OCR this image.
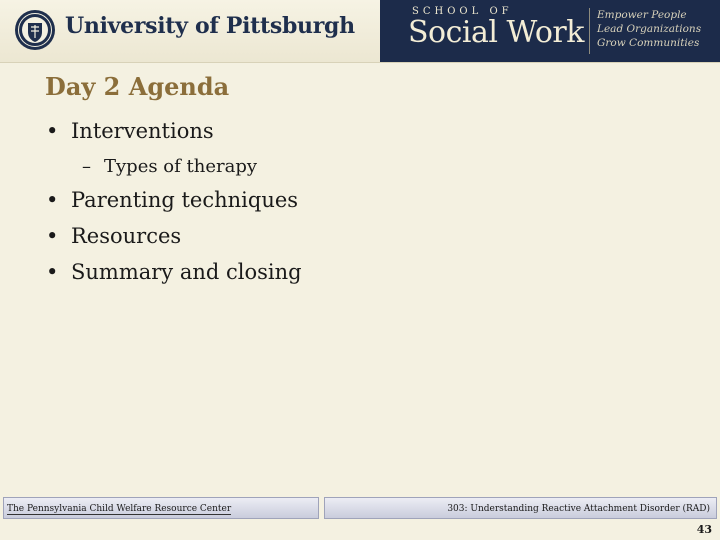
University of Pittsburgh
SCHOOL OF
Social Work Empower People
Lead Organizations
Grow Communities
Day 2 Agenda
• Interventions
– Types of therapy
• Parenting techniques
• Resources
• Summary and closing
The Pennsylvania Child Welfare Resource Center	303: Understanding Reactive Attachment Disorder (RAD)
43
